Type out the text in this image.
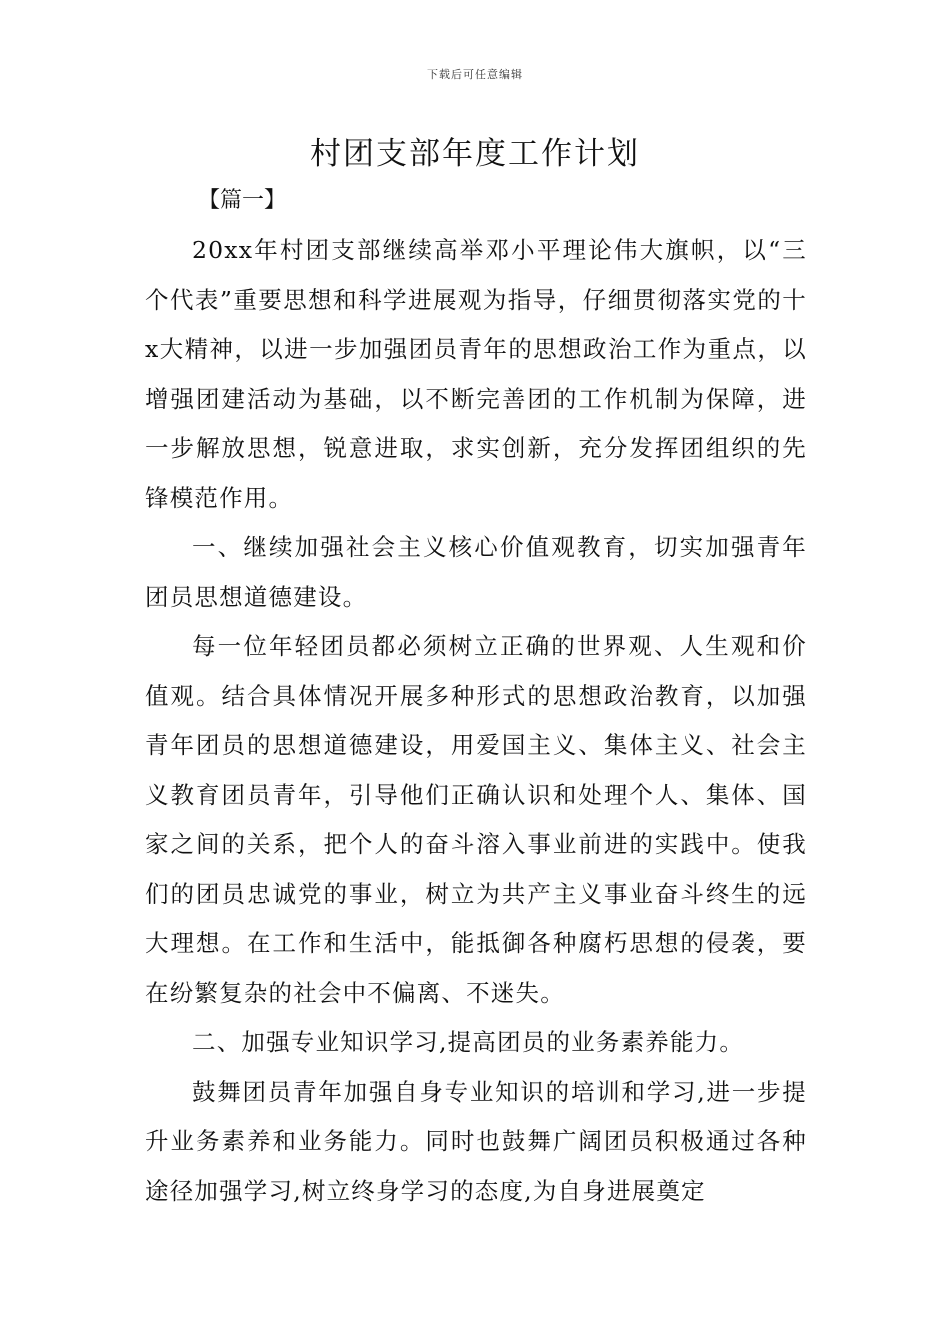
下载后可任意编辑
村团支部年度工作计划
【篇一】

20xx年村团支部继续高举邓小平理论伟大旗帜，以“三个代表”重要思想和科学进展观为指导，仔细贯彻落实党的十x大精神，以进一步加强团员青年的思想政治工作为重点，以增强团建活动为基础，以不断完善团的工作机制为保障，进一步解放思想，锐意进取，求实创新，充分发挥团组织的先锋模范作用。

一、继续加强社会主义核心价值观教育，切实加强青年团员思想道德建设。

每一位年轻团员都必须树立正确的世界观、人生观和价值观。结合具体情况开展多种形式的思想政治教育，以加强青年团员的思想道德建设，用爱国主义、集体主义、社会主义教育团员青年，引导他们正确认识和处理个人、集体、国家之间的关系，把个人的奋斗溶入事业前进的实践中。使我们的团员忠诚党的事业，树立为共产主义事业奋斗终生的远大理想。在工作和生活中，能抵御各种腐朽思想的侵袭，要在纷繁复杂的社会中不偏离、不迷失。

二、加强专业知识学习,提高团员的业务素养能力。

鼓舞团员青年加强自身专业知识的培训和学习,进一步提升业务素养和业务能力。同时也鼓舞广阔团员积极通过各种途径加强学习,树立终身学习的态度,为自身进展奠定
